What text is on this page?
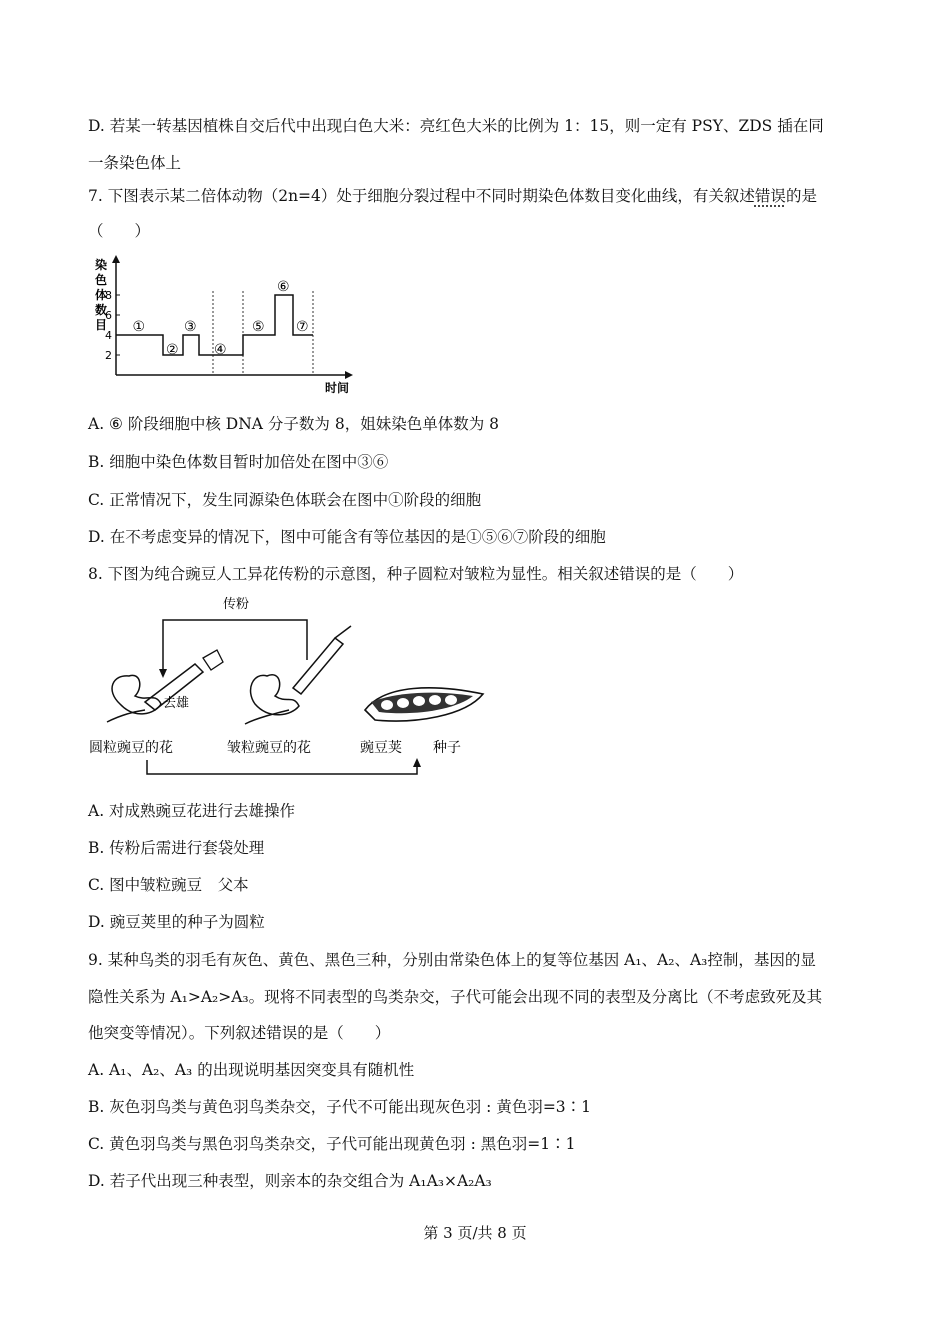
D. 若某一转基因植株自交后代中出现白色大米：亮红色大米的比例为 1：15，则一定有 PSY、ZDS 插在同
一条染色体上
7. 下图表示某二倍体动物（2n=4）处于细胞分裂过程中不同时期染色体数目变化曲线，有关叙述错误的是
（　　）
染
色
体
数
目
时间
2
4
6
8
①
②
③
④
⑤
⑥
⑦
A. ⑥ 阶段细胞中核 DNA 分子数为 8，姐妹染色单体数为 8
B. 细胞中染色体数目暂时加倍处在图中③⑥
C. 正常情况下，发生同源染色体联会在图中①阶段的细胞
D. 在不考虑变异的情况下，图中可能含有等位基因的是①⑤⑥⑦阶段的细胞
8. 下图为纯合豌豆人工异花传粉的示意图，种子圆粒对皱粒为显性。相关叙述错误的是（　　）
传粉
去雄
圆粒豌豆的花	皱粒豌豆的花	豌豆荚 种子
A. 对成熟豌豆花进行去雄操作
B. 传粉后需进行套袋处理
C. 图中皱粒豌豆　父本
D. 豌豆荚里的种子为圆粒
9. 某种鸟类的羽毛有灰色、黄色、黑色三种，分别由常染色体上的复等位基因 A₁、A₂、A₃控制，基因的显
隐性关系为 A₁>A₂>A₃。现将不同表型的鸟类杂交，子代可能会出现不同的表型及分离比（不考虑致死及其
他突变等情况）。下列叙述错误的是（　　）
A. A₁、A₂、A₃ 的出现说明基因突变具有随机性
B. 灰色羽鸟类与黄色羽鸟类杂交，子代不可能出现灰色羽 : 黄色羽=3∶1
C. 黄色羽鸟类与黑色羽鸟类杂交，子代可能出现黄色羽 : 黑色羽=1∶1
D. 若子代出现三种表型，则亲本的杂交组合为 A₁A₃×A₂A₃
第 3 页/共 8 页
